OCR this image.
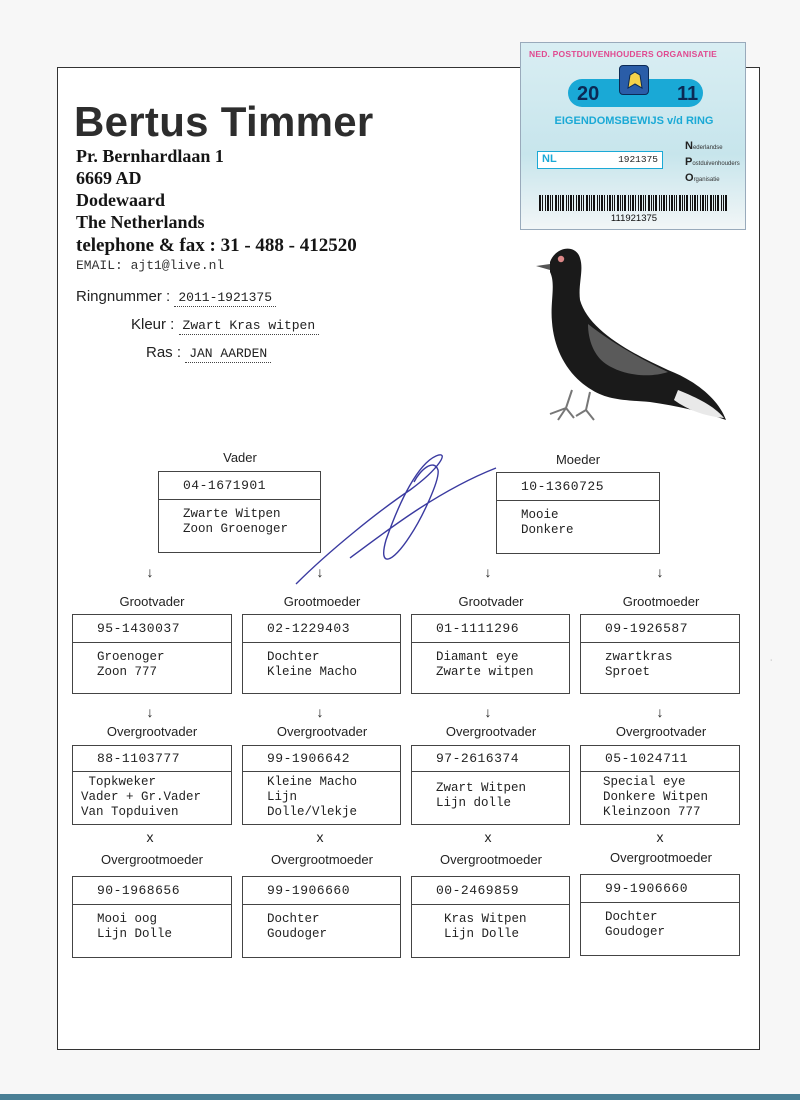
Bertus Timmer
Pr. Bernhardlaan 1
6669 AD
Dodewaard
The Netherlands
telephone & fax : 31 - 488 - 412520
EMAIL: ajt1@live.nl
Ringnummer : 2011-1921375
Kleur : Zwart Kras witpen
Ras : JAN AARDEN
NED. POSTDUIVENHOUDERS ORGANISATIE
20	11
EIGENDOMSBEWIJS v/d RING
NL	1921375
Nederlandse
Postduivenhouders
Organisatie
111921375
Vader
04-1671901
Zwarte Witpen
Zoon Groenoger
Moeder
10-1360725
Mooie
Donkere
↓	↓	↓	↓
Grootvader	Grootmoeder	Grootvader	Grootmoeder
95-1430037
Groenoger
Zoon 777
02-1229403
Dochter
Kleine Macho
01-1111296
Diamant eye
Zwarte witpen
09-1926587
zwartkras
Sproet
↓	↓	↓	↓
Overgrootvader	Overgrootvader	Overgrootvader	Overgrootvader
88-1103777
Topkweker
Vader + Gr.Vader
Van Topduiven
99-1906642
Kleine Macho
Lijn
Dolle/Vlekje
97-2616374
Zwart Witpen
Lijn dolle
05-1024711
Special eye
Donkere Witpen
Kleinzoon 777
x	x	x	x
Overgrootmoeder	Overgrootmoeder	Overgrootmoeder	Overgrootmoeder
90-1968656
Mooi oog
Lijn Dolle
99-1906660
Dochter
Goudoger
00-2469859
Kras Witpen
Lijn Dolle
99-1906660
Dochter
Goudoger
˙
